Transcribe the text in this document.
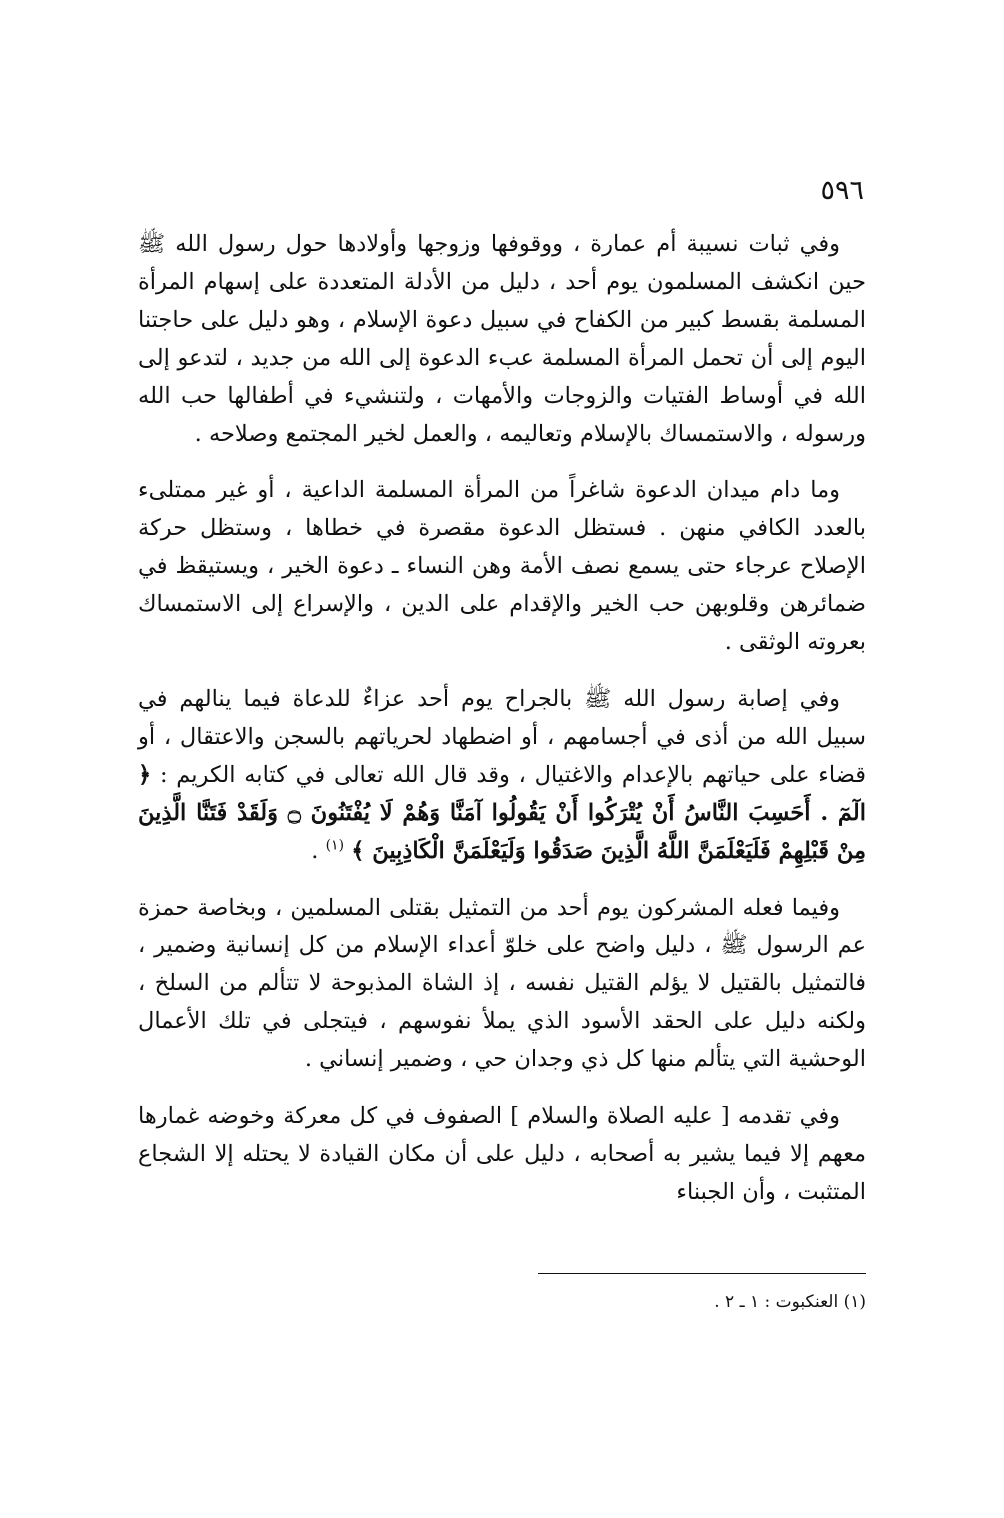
٥٩٦

وفي ثبات نسيبة أم عمارة ، ووقوفها وزوجها وأولادها حول رسول الله ﷺ حين انكشف المسلمون يوم أحد ، دليل من الأدلة المتعددة على إسهام المرأة المسلمة بقسط كبير من الكفاح في سبيل دعوة الإسلام ، وهو دليل على حاجتنا اليوم إلى أن تحمل المرأة المسلمة عبء الدعوة إلى الله من جديد ، لتدعو إلى الله في أوساط الفتيات والزوجات والأمهات ، ولتنشيء في أطفالها حب الله ورسوله ، والاستمساك بالإسلام وتعاليمه ، والعمل لخير المجتمع وصلاحه .

وما دام ميدان الدعوة شاغراً من المرأة المسلمة الداعية ، أو غير ممتلىء بالعدد الكافي منهن . فستظل الدعوة مقصرة في خطاها ، وستظل حركة الإصلاح عرجاء حتى يسمع نصف الأمة وهن النساء ـ دعوة الخير ، ويستيقظ في ضمائرهن وقلوبهن حب الخير والإقدام على الدين ، والإسراع إلى الاستمساك بعروته الوثقى .

وفي إصابة رسول الله ﷺ بالجراح يوم أحد عزاءٌ للدعاة فيما ينالهم في سبيل الله من أذى في أجسامهم ، أو اضطهاد لحرياتهم بالسجن والاعتقال ، أو قضاء على حياتهم بالإعدام والاغتيال ، وقد قال الله تعالى في كتابه الكريم : ﴿ الٓمٓ . أَحَسِبَ النَّاسُ أَنْ يُتْرَكُوا أَنْ يَقُولُوا آمَنَّا وَهُمْ لَا يُفْتَنُونَ ۝ وَلَقَدْ فَتَنَّا الَّذِينَ مِنْ قَبْلِهِمْ فَلَيَعْلَمَنَّ اللَّهُ الَّذِينَ صَدَقُوا وَلَيَعْلَمَنَّ الْكَاذِبِينَ ﴾ $^{(١)}$ .

وفيما فعله المشركون يوم أحد من التمثيل بقتلى المسلمين ، وبخاصة حمزة عم الرسول ﷺ ، دليل واضح على خلوّ أعداء الإسلام من كل إنسانية وضمير ، فالتمثيل بالقتيل لا يؤلم القتيل نفسه ، إذ الشاة المذبوحة لا تتألم من السلخ ، ولكنه دليل على الحقد الأسود الذي يملأ نفوسهم ، فيتجلى في تلك الأعمال الوحشية التي يتألم منها كل ذي وجدان حي ، وضمير إنساني .

وفي تقدمه [ عليه الصلاة والسلام ] الصفوف في كل معركة وخوضه غمارها معهم إلا فيما يشير به أصحابه ، دليل على أن مكان القيادة لا يحتله إلا الشجاع المتثبت ، وأن الجبناء

(١) العنكبوت : ١ ـ ٢ .
